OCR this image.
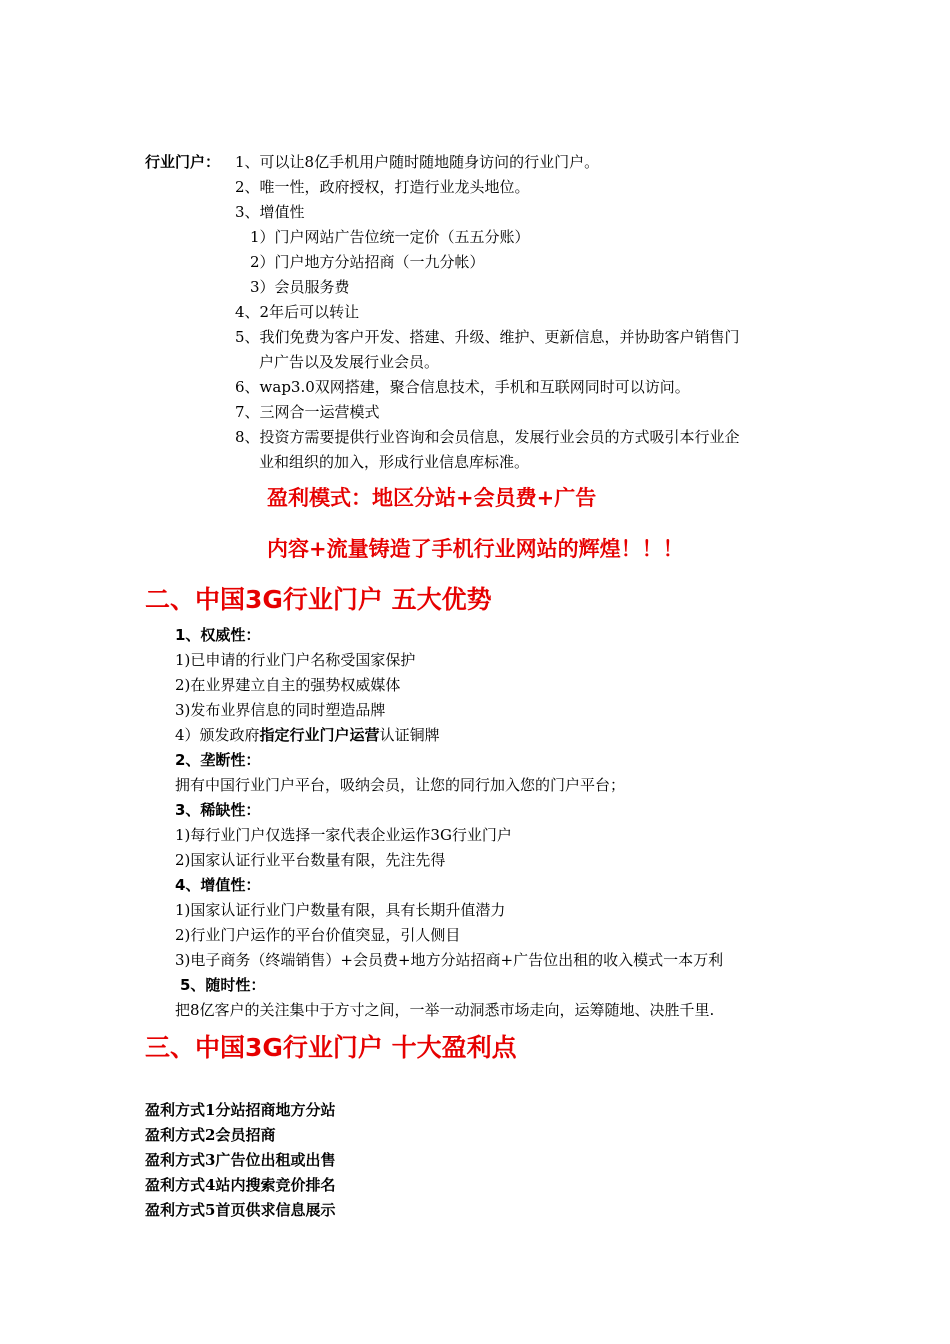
行业门户： 1、可以让8亿手机用户随时随地随身访问的行业门户。
2、唯一性，政府授权，打造行业龙头地位。
3、增值性
1）门户网站广告位统一定价（五五分账）
2）门户地方分站招商（一九分帐）
3）会员服务费
4、2年后可以转让
5、我们免费为客户开发、搭建、升级、维护、更新信息，并协助客户销售门
户广告以及发展行业会员。
6、wap3.0双网搭建，聚合信息技术，手机和互联网同时可以访问。
7、三网合一运营模式
8、投资方需要提供行业咨询和会员信息，发展行业会员的方式吸引本行业企
业和组织的加入，形成行业信息库标准。
盈利模式：地区分站+会员费+广告
内容+流量铸造了手机行业网站的辉煌！！！
二、中国3G行业门户 五大优势
1、权威性：
1)已申请的行业门户名称受国家保护
2)在业界建立自主的强势权威媒体
3)发布业界信息的同时塑造品牌
4）颁发政府指定行业门户运营认证铜牌
2、垄断性：
拥有中国行业门户平台，吸纳会员，让您的同行加入您的门户平台；
3、稀缺性：
1)每行业门户仅选择一家代表企业运作3G行业门户
2)国家认证行业平台数量有限，先注先得
4、增值性：
1)国家认证行业门户数量有限，具有长期升值潜力
2)行业门户运作的平台价值突显，引人侧目
3)电子商务（终端销售）+会员费+地方分站招商+广告位出租的收入模式一本万利
5、随时性：
把8亿客户的关注集中于方寸之间，一举一动洞悉市场走向，运筹随地、决胜千里.
三、中国3G行业门户 十大盈利点
盈利方式1分站招商地方分站
盈利方式2会员招商
盈利方式3广告位出租或出售
盈利方式4站内搜索竞价排名
盈利方式5首页供求信息展示
